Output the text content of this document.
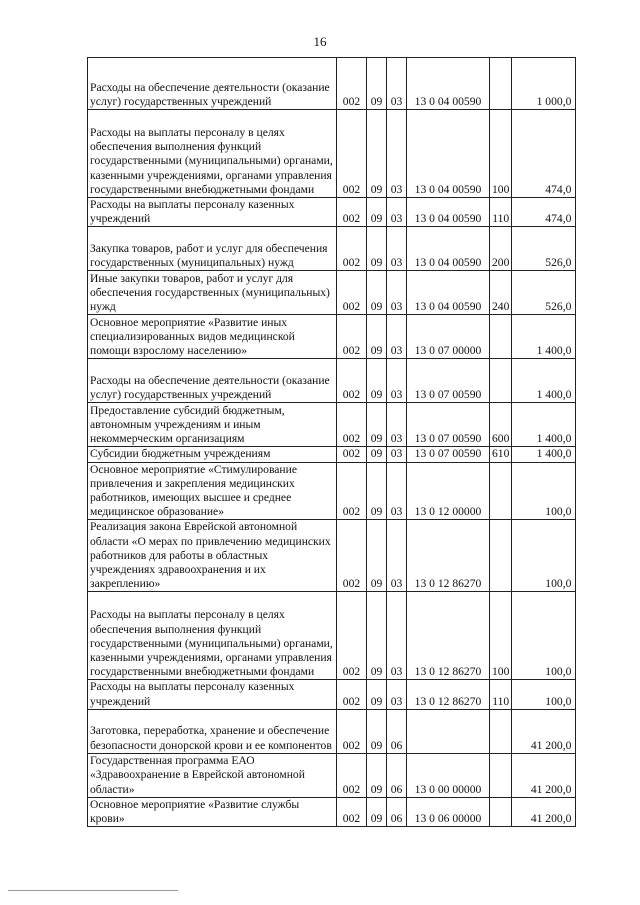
16
Расходы на обеспечение деятельности (оказание услуг) государственных учреждений	002	09	03	13 0 04 00590		1 000,0
Расходы на выплаты персоналу в целях обеспечения выполнения функций государственными (муниципальными) органами, казенными учреждениями, органами управления государственными внебюджетными фондами	002	09	03	13 0 04 00590	100	474,0
Расходы на выплаты персоналу казенных учреждений	002	09	03	13 0 04 00590	110	474,0
Закупка товаров, работ и услуг для обеспечения государственных (муниципальных) нужд	002	09	03	13 0 04 00590	200	526,0
Иные закупки товаров, работ и услуг для обеспечения государственных (муниципальных) нужд	002	09	03	13 0 04 00590	240	526,0
Основное мероприятие «Развитие иных специализированных видов медицинской помощи взрослому населению»	002	09	03	13 0 07 00000		1 400,0
Расходы на обеспечение деятельности (оказание услуг) государственных учреждений	002	09	03	13 0 07 00590		1 400,0
Предоставление субсидий бюджетным, автономным учреждениям и иным некоммерческим организациям	002	09	03	13 0 07 00590	600	1 400,0
Субсидии бюджетным учреждениям	002	09	03	13 0 07 00590	610	1 400,0
Основное мероприятие «Стимулирование привлечения и закрепления медицинских работников, имеющих высшее и среднее медицинское образование»	002	09	03	13 0 12 00000		100,0
Реализация закона Еврейской автономной области «О мерах по привлечению медицинских работников для работы в областных учреждениях здравоохранения и их закреплению»	002	09	03	13 0 12 86270		100,0
Расходы на выплаты персоналу в целях обеспечения выполнения функций государственными (муниципальными) органами, казенными учреждениями, органами управления государственными внебюджетными фондами	002	09	03	13 0 12 86270	100	100,0
Расходы на выплаты персоналу казенных учреждений	002	09	03	13 0 12 86270	110	100,0
Заготовка, переработка, хранение и обеспечение безопасности донорской крови и ее компонентов	002	09	06			41 200,0
Государственная программа ЕАО «Здравоохранение в Еврейской автономной области»	002	09	06	13 0 00 00000		41 200,0
Основное мероприятие «Развитие службы крови»	002	09	06	13 0 06 00000		41 200,0
